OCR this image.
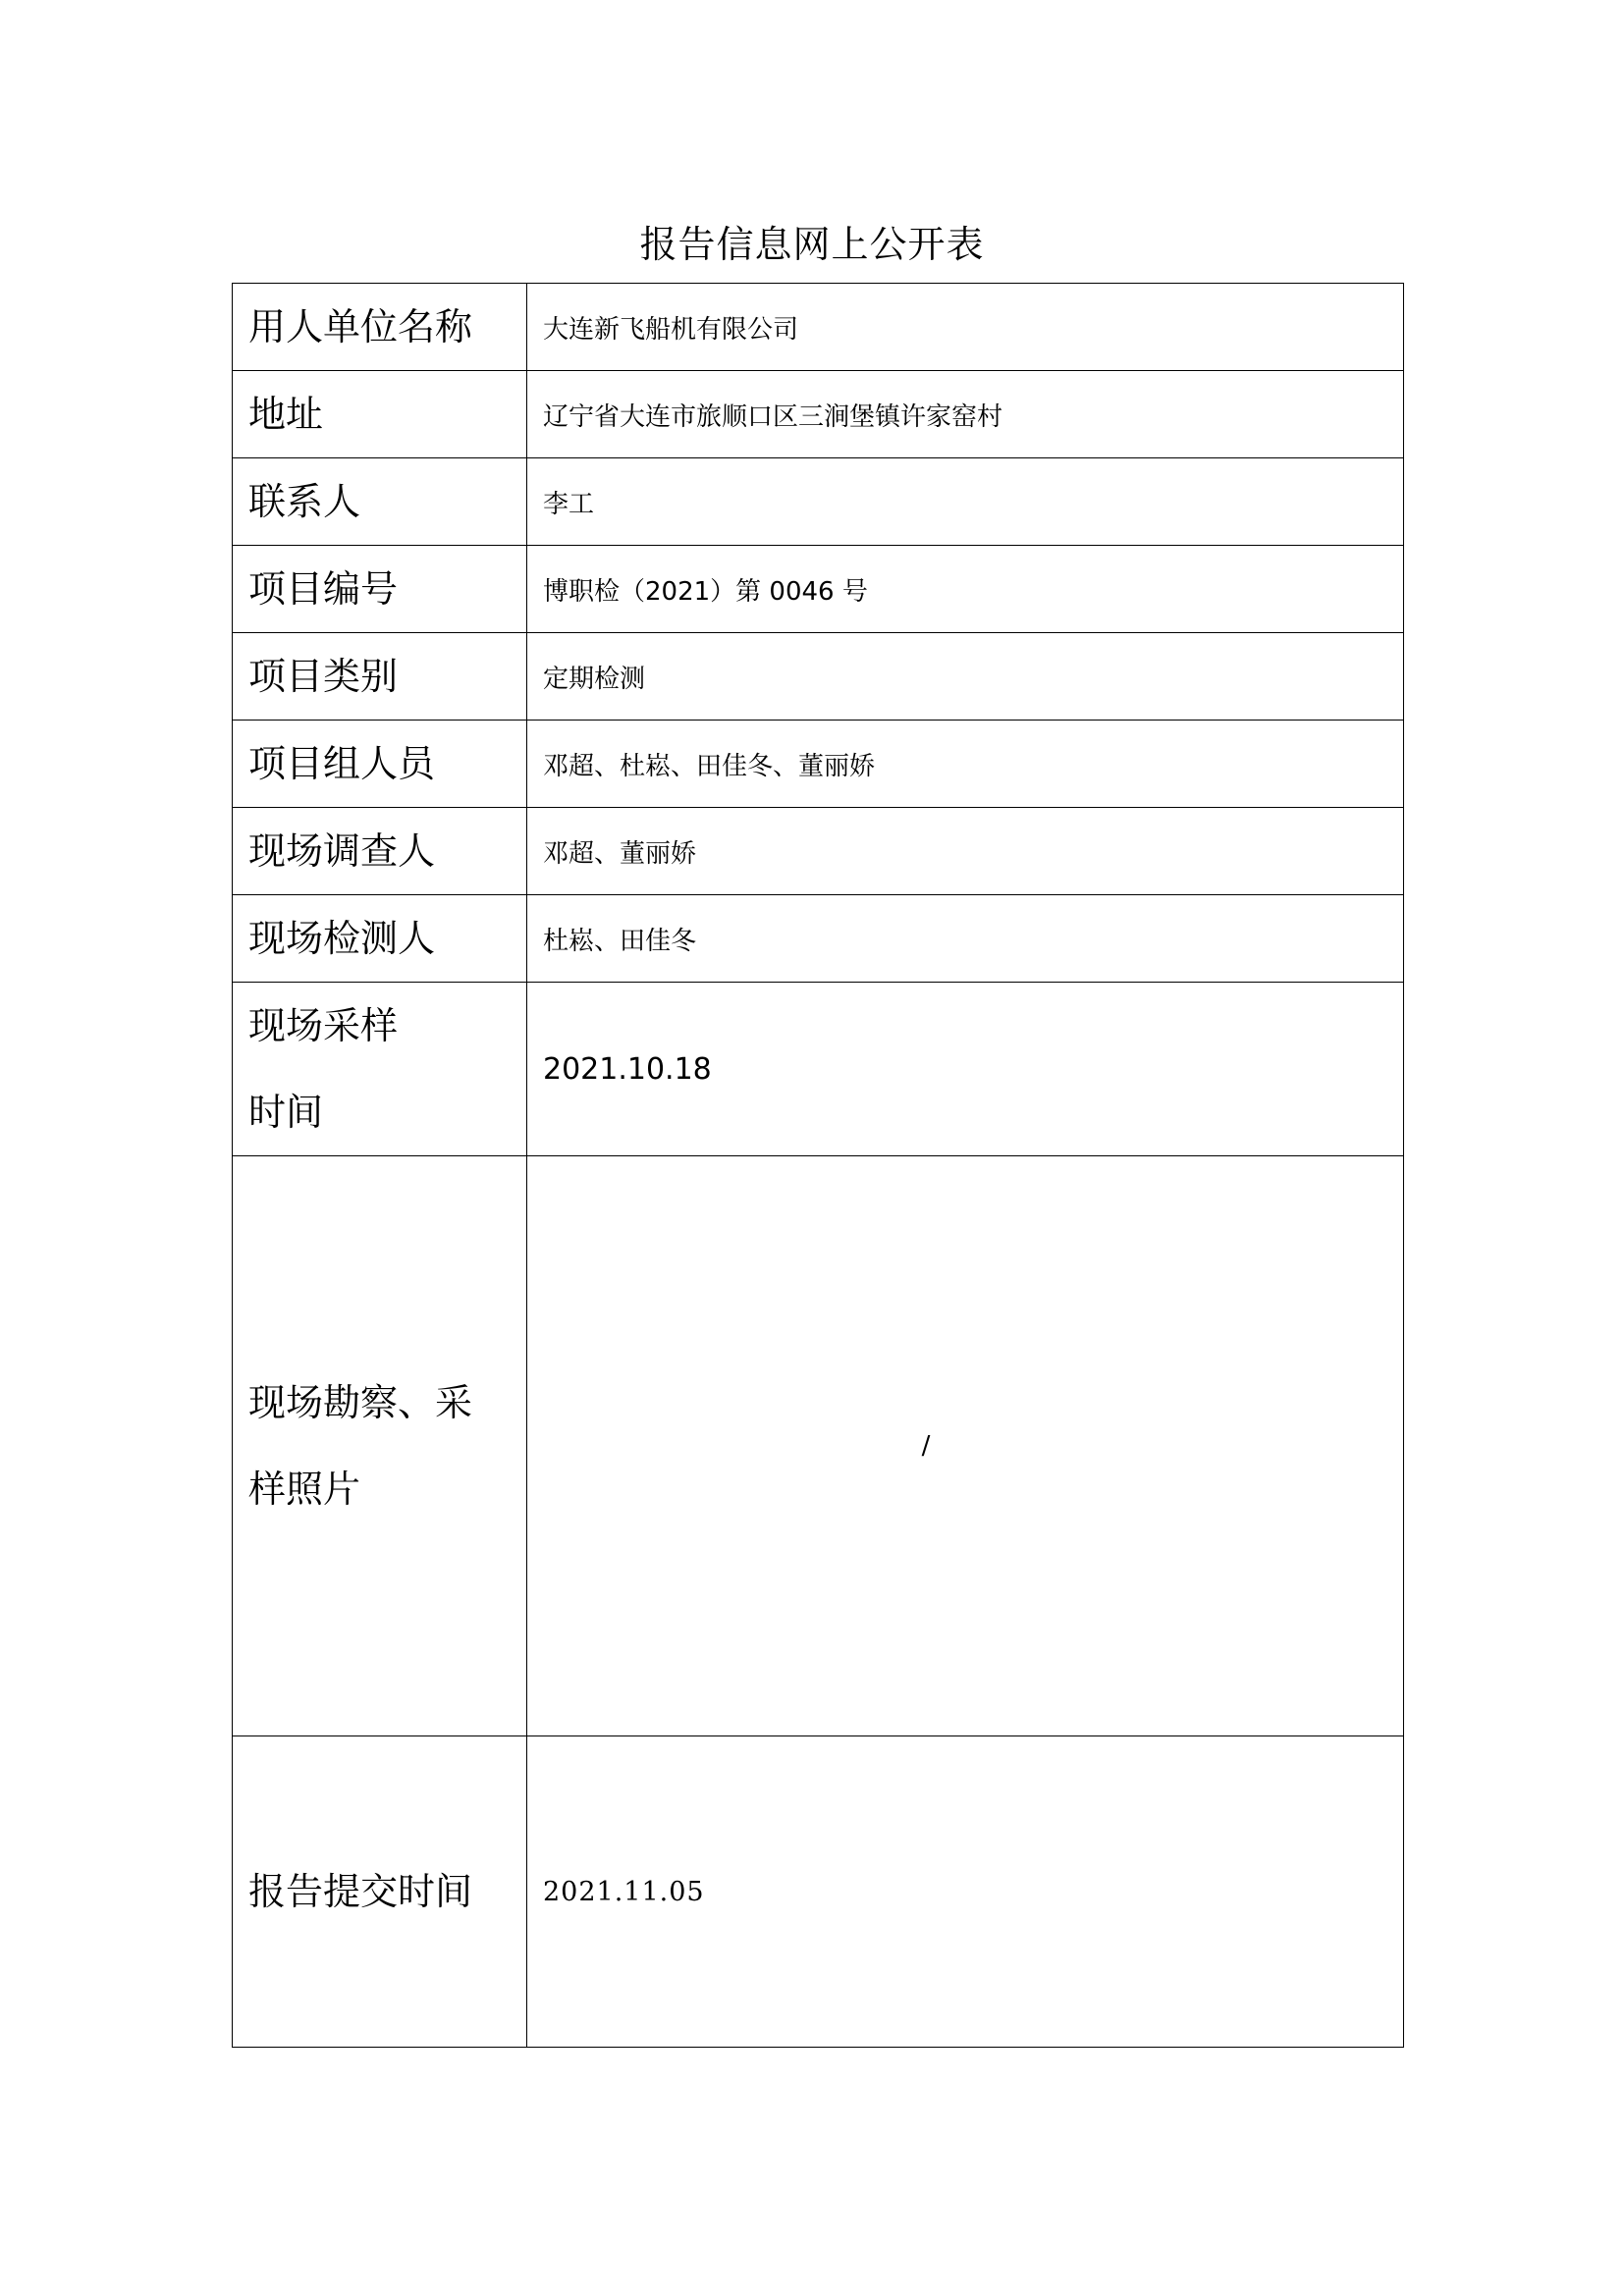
报告信息网上公开表
用人单位名称	大连新飞船机有限公司
地址	辽宁省大连市旅顺口区三涧堡镇许家窑村
联系人	李工
项目编号	博职检（2021）第 0046 号
项目类别	定期检测
项目组人员	邓超、杜崧、田佳冬、董丽娇
现场调查人	邓超、董丽娇
现场检测人	杜崧、田佳冬

现场采样
时间	2021.10.18

现场勘察、采
样照片	/
报告提交时间	2021.11.05
